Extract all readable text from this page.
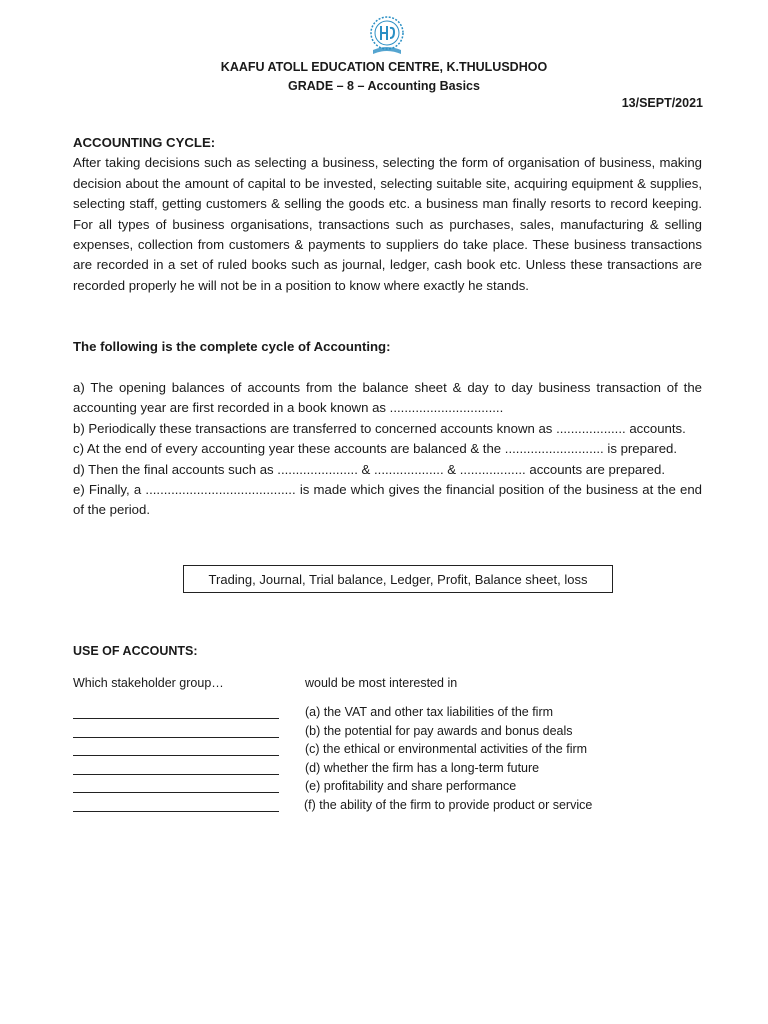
KAAFU ATOLL EDUCATION CENTRE, K.THULUSDHOO
GRADE – 8 – Accounting Basics
13/SEPT/2021

ACCOUNTING CYCLE:

After taking decisions such as selecting a business, selecting the form of organisation of business, making decision about the amount of capital to be invested, selecting suitable site, acquiring equipment & supplies, selecting staff, getting customers & selling the goods etc. a business man finally resorts to record keeping. For all types of business organisations, transactions such as purchases, sales, manufacturing & selling expenses, collection from customers & payments to suppliers do take place. These business transactions are recorded in a set of ruled books such as journal, ledger, cash book etc. Unless these transactions are recorded properly he will not be in a position to know where exactly he stands.

The following is the complete cycle of Accounting:

a) The opening balances of accounts from the balance sheet & day to day business transaction of the accounting year are first recorded in a book known as ...............................

b) Periodically these transactions are transferred to concerned accounts known as ................... accounts.

c) At the end of every accounting year these accounts are balanced & the ........................... is prepared.

d) Then the final accounts such as ...................... & ................... & .................. accounts are prepared.

e) Finally, a ......................................... is made which gives the financial position of the business at the end of the period.

Trading, Journal, Trial balance, Ledger, Profit, Balance sheet, loss
USE OF ACCOUNTS:
Which stakeholder group…	would be most interested in
(a) the VAT and other tax liabilities of the firm
(b) the potential for pay awards and bonus deals
(c) the ethical or environmental activities of the firm
(d) whether the firm has a long-term future
(e) profitability and share performance
(f) the ability of the firm to provide product or service
